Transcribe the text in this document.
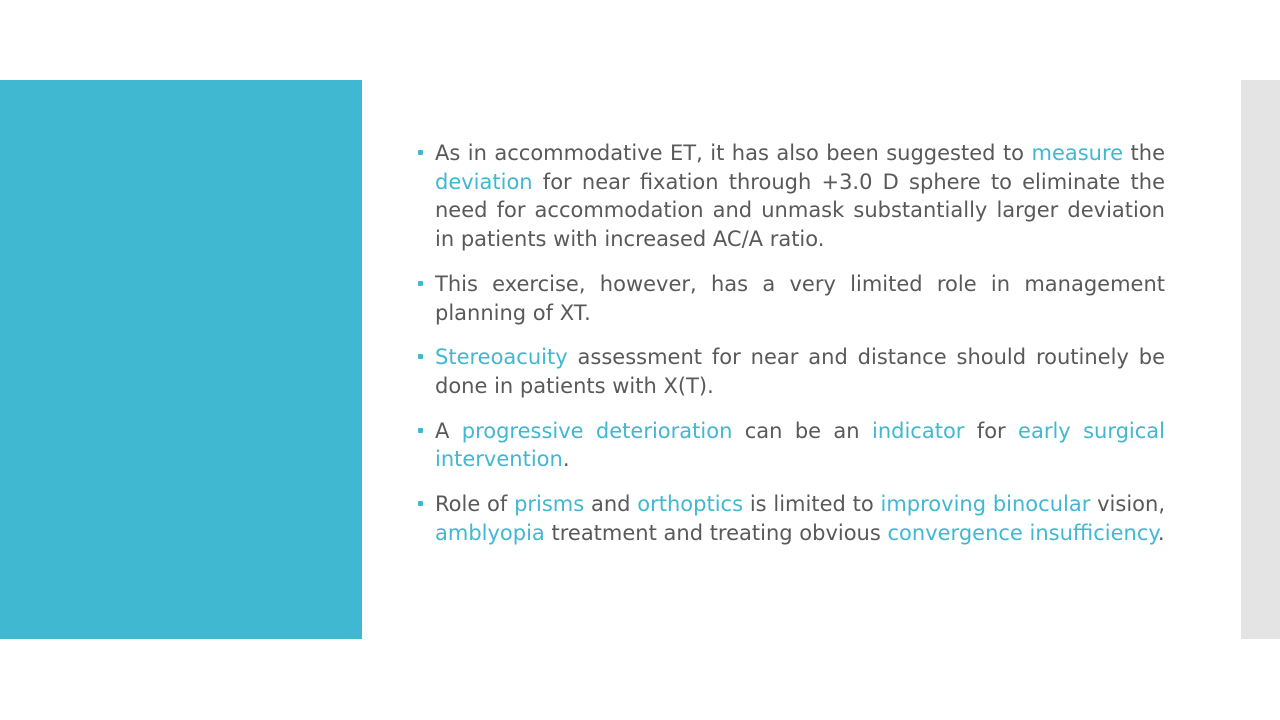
As in accommodative ET, it has also been suggested to measure the deviation for near fixation through +3.0 D sphere to eliminate the need for accommodation and unmask substantially larger deviation in patients with increased AC/A ratio.
This exercise, however, has a very limited role in management planning of XT.
Stereoacuity assessment for near and distance should routinely be done in patients with X(T).
A progressive deterioration can be an indicator for early surgical intervention.
Role of prisms and orthoptics is limited to improving binocular vision, amblyopia treatment and treating obvious convergence insufficiency.
